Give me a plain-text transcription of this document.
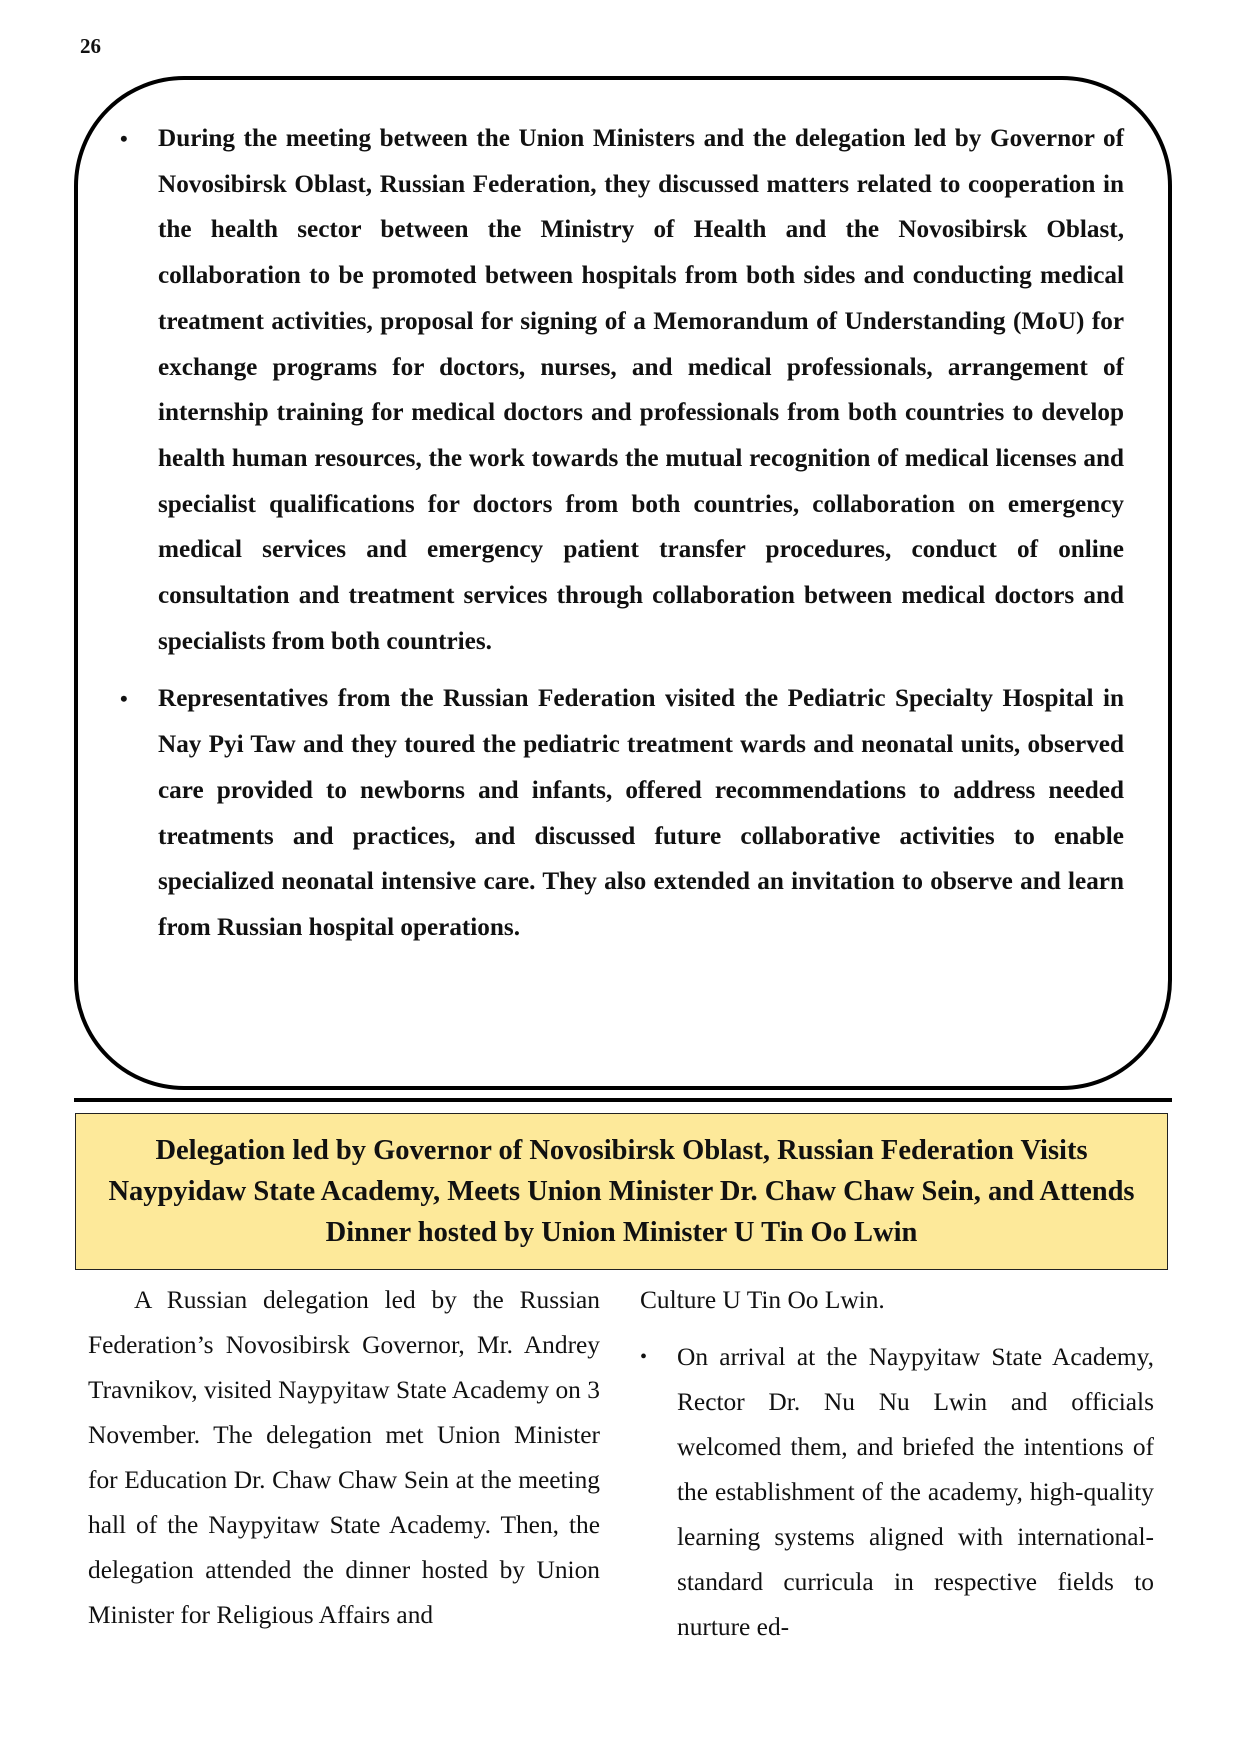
26
• During the meeting between the Union Ministers and the delegation led by Governor of Novosibirsk Oblast, Russian Federation, they discussed matters related to cooperation in the health sector between the Ministry of Health and the Novosibirsk Oblast, collaboration to be promoted between hospitals from both sides and conducting medical treatment activities, proposal for signing of a Memorandum of Understanding (MoU) for exchange programs for doctors, nurses, and medical professionals, arrangement of internship training for medical doctors and professionals from both countries to develop health human resources, the work towards the mutual recognition of medical licenses and specialist qualifications for doctors from both countries, collaboration on emergency medical services and emergency patient transfer procedures, conduct of online consultation and treatment services through collaboration between medical doctors and specialists from both countries.
• Representatives from the Russian Federation visited the Pediatric Specialty Hospital in Nay Pyi Taw and they toured the pediatric treatment wards and neonatal units, observed care provided to newborns and infants, offered recommendations to address needed treatments and practices, and discussed future collaborative activities to enable specialized neonatal intensive care. They also extended an invitation to observe and learn from Russian hospital operations.
Delegation led by Governor of Novosibirsk Oblast, Russian Federation Visits Naypyidaw State Academy, Meets Union Minister Dr. Chaw Chaw Sein, and Attends Dinner hosted by Union Minister U Tin Oo Lwin

A Russian delegation led by the Russian Federation’s Novosibirsk Governor, Mr. Andrey Travnikov, visited Naypyitaw State Academy on 3 November. The delegation met Union Minister for Education Dr. Chaw Chaw Sein at the meeting hall of the Naypyitaw State Academy. Then, the delegation attended the dinner hosted by Union Minister for Religious Affairs and

Culture U Tin Oo Lwin.

• On arrival at the Naypyitaw State Academy, Rector Dr. Nu Nu Lwin and officials welcomed them, and briefed the intentions of the establishment of the academy, high-quality learning systems aligned with international-standard curricula in respective fields to nurture ed-
